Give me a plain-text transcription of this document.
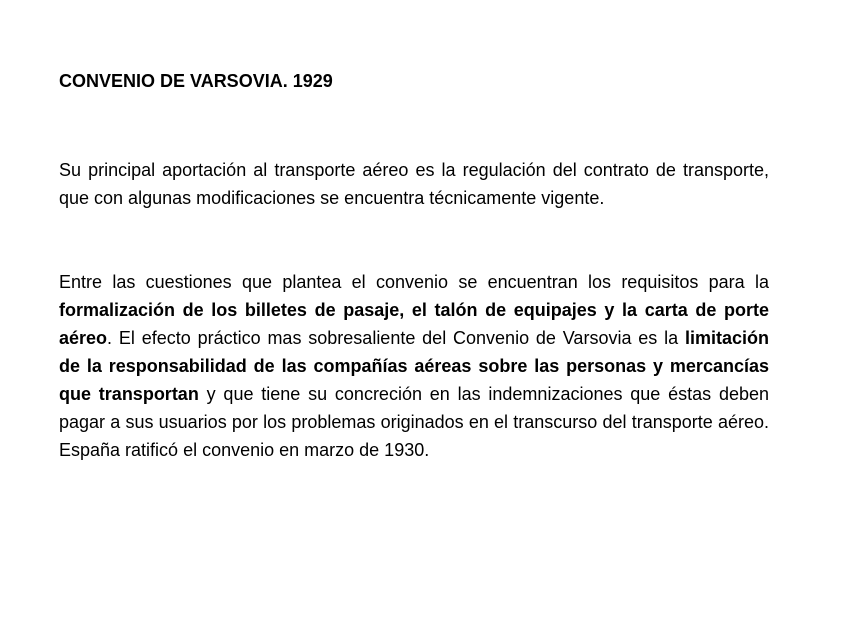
CONVENIO DE VARSOVIA. 1929
Su principal aportación al transporte aéreo es la regulación del contrato de transporte, que con algunas modificaciones se encuentra técnicamente vigente.
Entre las cuestiones que plantea el convenio se encuentran los requisitos para la formalización de los billetes de pasaje, el talón de equipajes y la carta de porte aéreo. El efecto práctico mas sobresaliente del Convenio de Varsovia es la limitación de la responsabilidad de las compañías aéreas sobre las personas y mercancías que transportan y que tiene su concreción en las indemnizaciones que éstas deben pagar a sus usuarios por los problemas originados en el transcurso del transporte aéreo. España ratificó el convenio en marzo de 1930.
